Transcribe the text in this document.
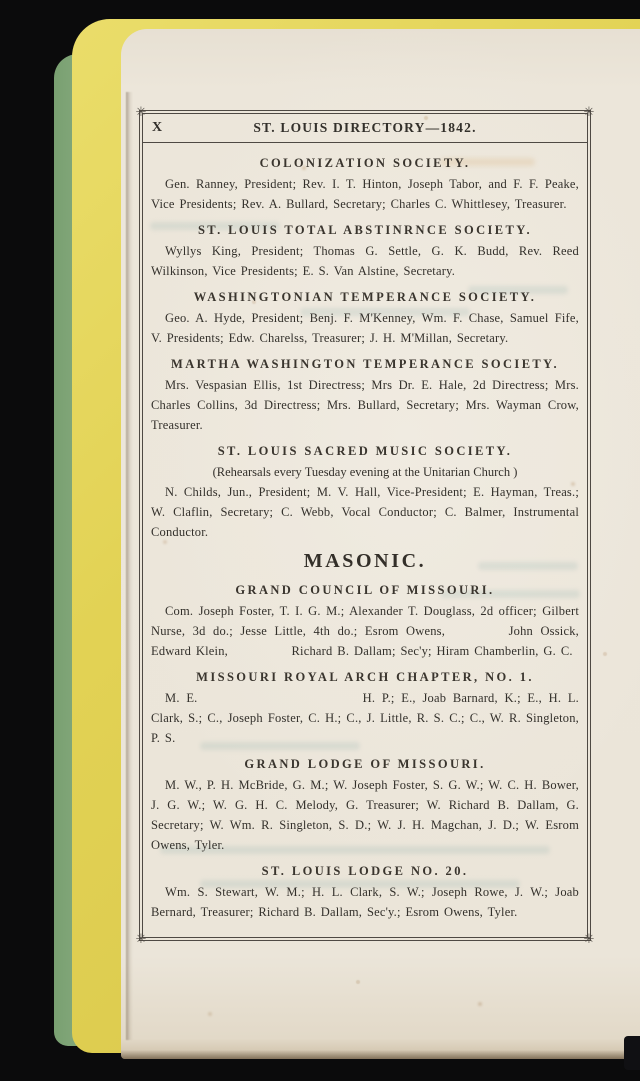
✳	✳
✳	✳
X	ST. LOUIS DIRECTORY—1842.
COLONIZATION SOCIETY.

Gen. Ranney, President; Rev. I. T. Hinton, Joseph Tabor, and F. F. Peake, Vice Presidents; Rev. A. Bullard, Secretary; Charles C. Whittlesey, Treasurer.

ST. LOUIS TOTAL ABSTINRNCE SOCIETY.

Wyllys King, President; Thomas G. Settle, G. K. Budd, Rev. Reed Wilkinson, Vice Presidents; E. S. Van Alstine, Secretary.

WASHINGTONIAN TEMPERANCE SOCIETY.

Geo. A. Hyde, President; Benj. F. M'Kenney, Wm. F. Chase, Samuel Fife, V. Presidents; Edw. Charelss, Treasurer; J. H. M'Millan, Secretary.

MARTHA WASHINGTON TEMPERANCE SOCIETY.

Mrs. Vespasian Ellis, 1st Directress; Mrs Dr. E. Hale, 2d Directress; Mrs. Charles Collins, 3d Directress; Mrs. Bullard, Secretary; Mrs. Wayman Crow, Treasurer.

ST. LOUIS SACRED MUSIC SOCIETY.

(Rehearsals every Tuesday evening at the Unitarian Church )

N. Childs, Jun., President; M. V. Hall, Vice-President; E. Hayman, Treas.; W. Claflin, Secretary; C. Webb, Vocal Conductor; C. Balmer, Instrumental Conductor.

MASONIC.
GRAND COUNCIL OF MISSOURI.

Com. Joseph Foster, T. I. G. M.; Alexander T. Douglass, 2d officer; Gilbert Nurse, 3d do.; Jesse Little, 4th do.; Esrom Owens,     John Ossick, Edward Klein,     Richard B. Dallam; Sec'y; Hiram Chamberlin, G. C.

MISSOURI ROYAL ARCH CHAPTER, NO. 1.

M. E.             H. P.; E., Joab Barnard, K.; E., H. L. Clark, S.; C., Joseph Foster, C. H.; C., J. Little, R. S. C.; C., W. R. Singleton, P. S.

GRAND LODGE OF MISSOURI.

M. W., P. H. McBride, G. M.; W. Joseph Foster, S. G. W.; W. C. H. Bower, J. G. W.; W. G. H. C. Melody, G. Treasurer; W. Richard B. Dallam, G. Secretary; W. Wm. R. Singleton, S. D.; W. J. H. Magchan, J. D.; W. Esrom Owens, Tyler.

ST. LOUIS LODGE NO. 20.

Wm. S. Stewart, W. M.; H. L. Clark, S. W.; Joseph Rowe, J. W.; Joab Bernard, Treasurer; Richard B. Dallam, Sec'y.; Esrom Owens, Tyler.
